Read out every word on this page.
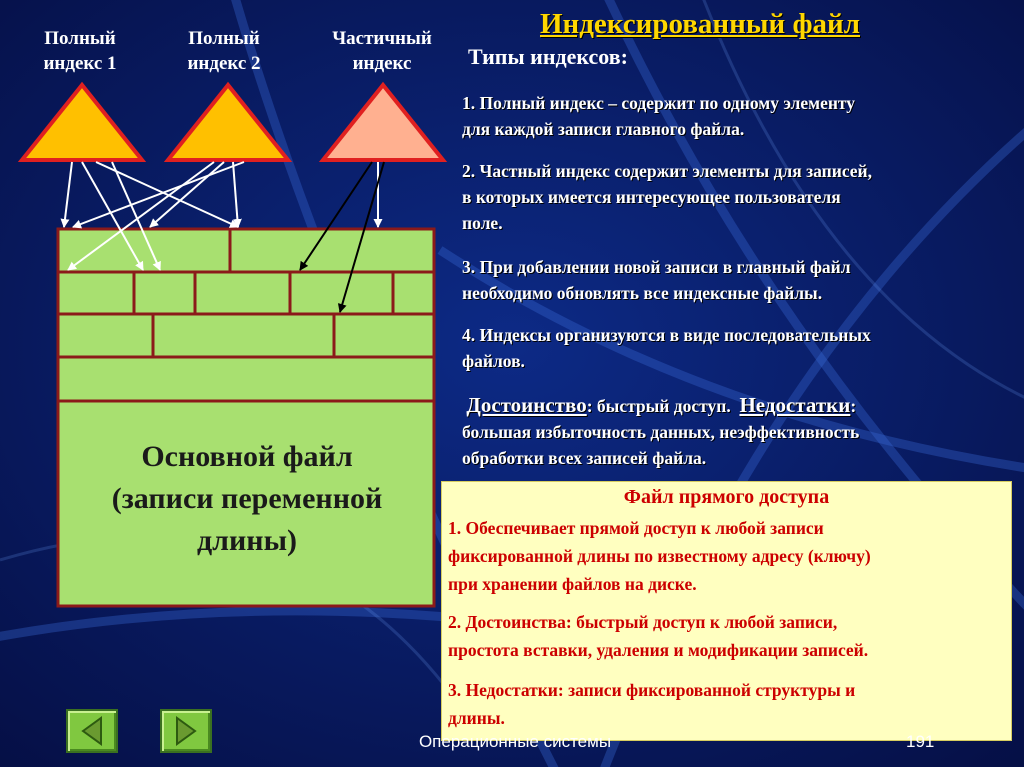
Полный
индекс 1
Полный
индекс 2
Частичный
индекс
Основной файл
(записи переменной
длины)
Индексированный файл
Типы индексов:
1. Полный индекс – содержит по одному элементу
для каждой записи главного файла.
2. Частный индекс содержит элементы для записей,
в которых имеется интересующее пользователя
поле.
3. При добавлении новой записи в главный файл
необходимо обновлять все индексные файлы.
4. Индексы организуются в виде последовательных
файлов.
Достоинство: быстрый доступ. Недостатки:
большая избыточность данных, неэффективность
обработки всех записей файла.
Файл прямого доступа
1. Обеспечивает прямой доступ к любой записи
фиксированной длины по известному адресу (ключу)
при хранении файлов на диске.
2. Достоинства: быстрый доступ к любой записи,
простота вставки, удаления и модификации записей.
3. Недостатки: записи фиксированной структуры и
длины.
Операционные системы	191
